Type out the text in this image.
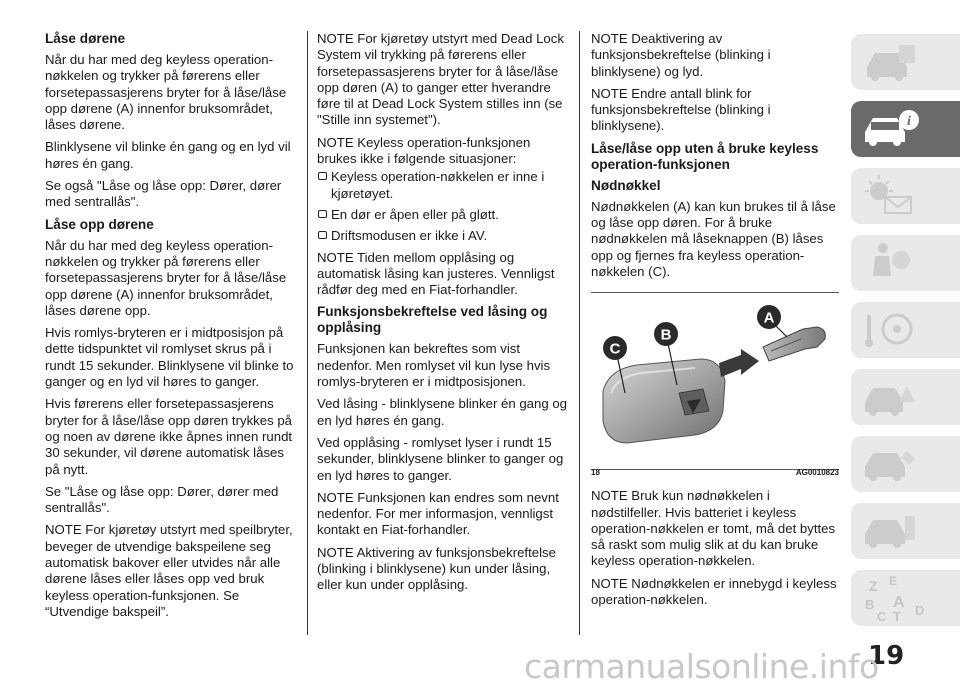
Låse dørene

Når du har med deg keyless operation-nøkkelen og trykker på førerens eller forsetepassasjerens bryter for å låse/låse opp dørene (A) innenfor bruksområdet, låses dørene.

Blinklysene vil blinke én gang og en lyd vil høres én gang.

Se også "Låse og låse opp: Dører, dører med sentrallås".

Låse opp dørene

Når du har med deg keyless operation-nøkkelen og trykker på førerens eller forsetepassasjerens bryter for å låse/låse opp dørene (A) innenfor bruksområdet, låses dørene opp.

Hvis romlys-bryteren er i midtposisjon på dette tidspunktet vil romlyset skrus på i rundt 15 sekunder. Blinklysene vil blinke to ganger og en lyd vil høres to ganger.

Hvis førerens eller forsetepassasjerens bryter for å låse/låse opp døren trykkes på og noen av dørene ikke åpnes innen rundt 30 sekunder, vil dørene automatisk låses på nytt.

Se "Låse og låse opp: Dører, dører med sentrallås".

NOTE For kjøretøy utstyrt med speilbryter, beveger de utvendige bakspeilene seg automatisk bakover eller utvides når alle dørene låses eller låses opp ved bruk keyless operation-funksjonen. Se “Utvendige bakspeil”.

NOTE For kjøretøy utstyrt med Dead Lock System vil trykking på førerens eller forsetepassasjerens bryter for å låse/låse opp døren (A) to ganger etter hverandre føre til at Dead Lock System stilles inn (se "Stille inn systemet").

NOTE Keyless operation-funksjonen brukes ikke i følgende situasjoner:

Keyless operation-nøkkelen er inne i kjøretøyet.
En dør er åpen eller på gløtt.
Driftsmodusen er ikke i AV.

NOTE Tiden mellom opplåsing og automatisk låsing kan justeres. Vennligst rådfør deg med en Fiat-forhandler.

Funksjonsbekreftelse ved låsing og opplåsing

Funksjonen kan bekreftes som vist nedenfor. Men romlyset vil kun lyse hvis romlys-bryteren er i midtposisjonen.

Ved låsing - blinklysene blinker én gang og en lyd høres én gang.

Ved opplåsing - romlyset lyser i rundt 15 sekunder, blinklysene blinker to ganger og en lyd høres to ganger.

NOTE Funksjonen kan endres som nevnt nedenfor. For mer informasjon, vennligst kontakt en Fiat-forhandler.

NOTE Aktivering av funksjonsbekreftelse (blinking i blinklysene) kun under låsing, eller kun under opplåsing.

NOTE Deaktivering av funksjonsbekreftelse (blinking i blinklysene) og lyd.

NOTE Endre antall blink for funksjonsbekreftelse (blinking i blinklysene).

Låse/låse opp uten å bruke keyless operation-funksjonen
Nødnøkkel

Nødnøkkelen (A) kan kun brukes til å låse og låse opp døren. For å bruke nødnøkkelen må låseknappen (B) låses opp og fjernes fra keyless operation-nøkkelen (C).

A
B
C
18	AG0010823

NOTE Bruk kun nødnøkkelen i nødstilfeller. Hvis batteriet i keyless operation-nøkkelen er tomt, må det byttes så raskt som mulig slik at du kan bruke keyless operation-nøkkelen.

NOTE Nødnøkkelen er innebygd i keyless operation-nøkkelen.

i
Z E
B
C
A
T D
19
carmanualsonline.info
